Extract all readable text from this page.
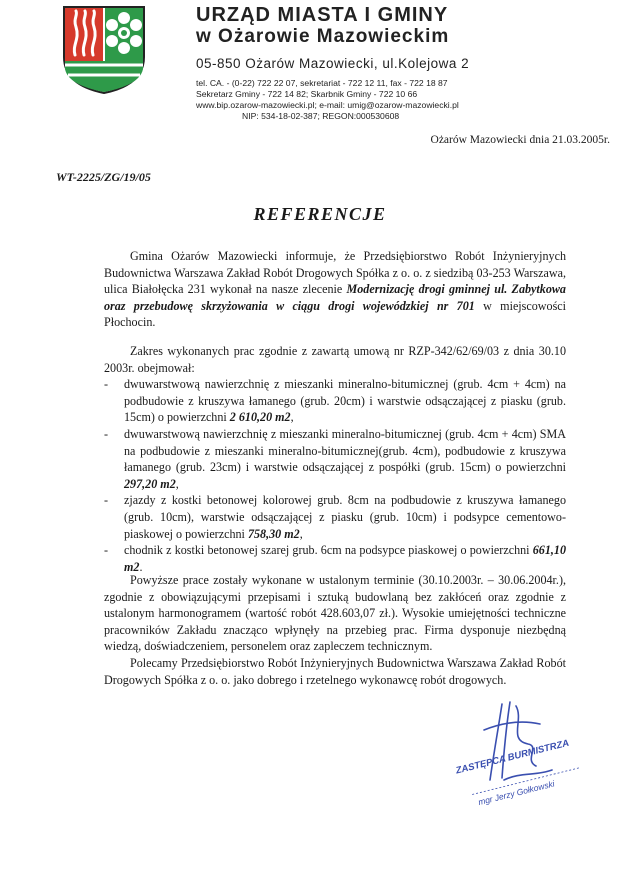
URZĄD MIASTA I GMINY
w Ożarowie Mazowieckim
05-850 Ożarów Mazowiecki, ul.Kolejowa 2
tel. CA. - (0-22) 722 22 07, sekretariat - 722 12 11, fax - 722 18 87
Sekretarz Gminy - 722 14 82; Skarbnik Gminy - 722 10 66
www.bip.ozarow-mazowiecki.pl; e-mail: umig@ozarow-mazowiecki.pl
NIP: 534-18-02-387; REGON:000530608
Ożarów Mazowiecki dnia 21.03.2005r.
WT-2225/ZG/19/05
REFERENCJE

Gmina Ożarów Mazowiecki informuje, że Przedsiębiorstwo Robót Inżynieryjnych Budownictwa Warszawa Zakład Robót Drogowych Spółka z o. o. z siedzibą 03-253 Warszawa, ulica Białołęcka 231 wykonał na nasze zlecenie Modernizację drogi gminnej ul. Zabytkowa oraz przebudowę skrzyżowania w ciągu drogi wojewódzkiej nr 701 w miejscowości Płochocin.

Zakres wykonanych prac zgodnie z zawartą umową nr RZP-342/62/69/03 z dnia 30.10 2003r. obejmował:

- dwuwarstwową nawierzchnię z mieszanki mineralno-bitumicznej (grub. 4cm + 4cm) na podbudowie z kruszywa łamanego (grub. 20cm) i warstwie odsączającej z piasku (grub. 15cm) o powierzchni 2 610,20 m2,
- dwuwarstwową nawierzchnię z mieszanki mineralno-bitumicznej (grub. 4cm + 4cm) SMA na podbudowie z mieszanki mineralno-bitumicznej(grub. 4cm), podbudowie z kruszywa łamanego (grub. 23cm) i warstwie odsączającej z pospółki (grub. 15cm) o powierzchni 297,20 m2,
- zjazdy z kostki betonowej kolorowej grub. 8cm na podbudowie z kruszywa łamanego (grub. 10cm), warstwie odsączającej z piasku (grub. 10cm) i podsypce cementowo-piaskowej o powierzchni 758,30 m2,
- chodnik z kostki betonowej szarej grub. 6cm na podsypce piaskowej o powierzchni 661,10 m2.

Powyższe prace zostały wykonane w ustalonym terminie (30.10.2003r. – 30.06.2004r.), zgodnie z obowiązującymi przepisami i sztuką budowlaną bez zakłóceń oraz zgodnie z ustalonym harmonogramem (wartość robót 428.603,07 zł.). Wysokie umiejętności techniczne pracowników Zakładu znacząco wpłynęły na przebieg prac. Firma dysponuje niezbędną wiedzą, doświadczeniem, personelem oraz zapleczem technicznym.

Polecamy Przedsiębiorstwo Robót Inżynieryjnych Budownictwa Warszawa Zakład Robót Drogowych Spółka z o. o. jako dobrego i rzetelnego wykonawcę robót drogowych.

ZASTĘPCA BURMISTRZA
mgr Jerzy Gołkowski
